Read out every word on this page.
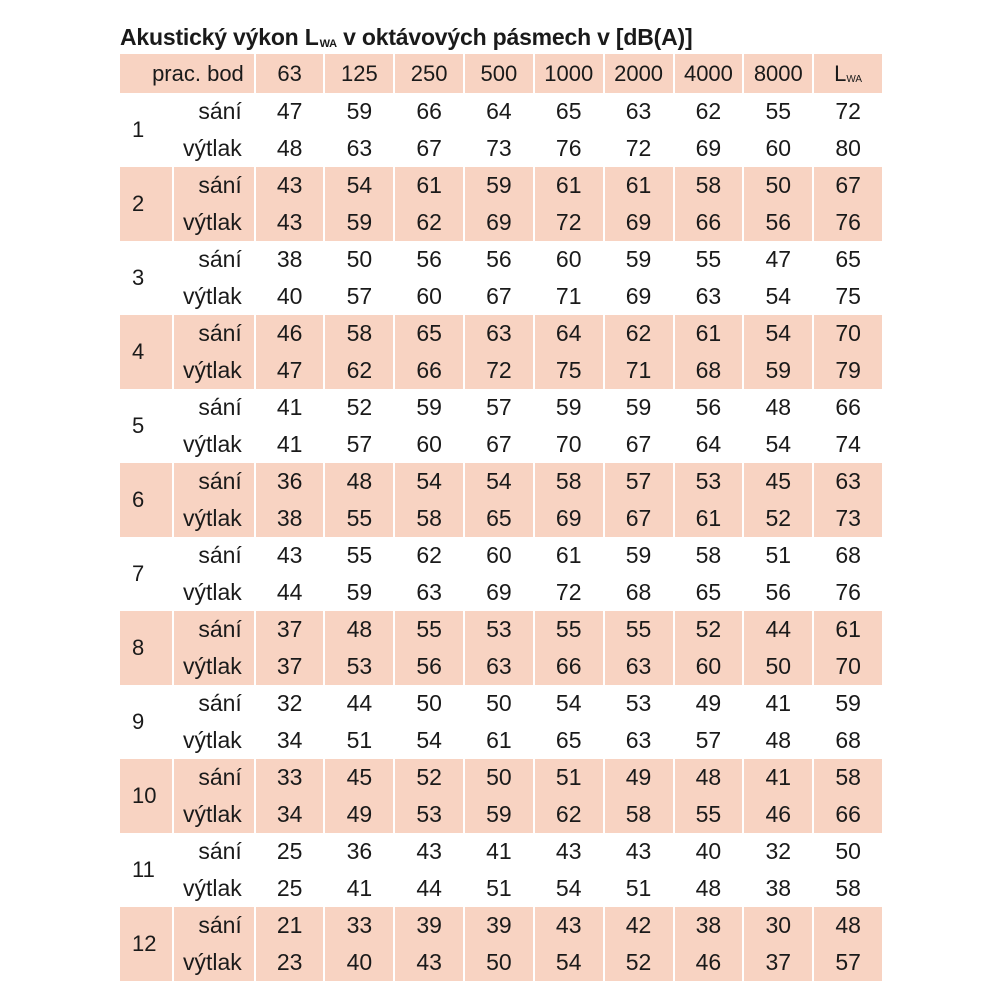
Akustický výkon $L_{WA}$ v oktávových pásmech v [dB(A)]
prac. bod		63	125	250	500	1000	2000	4000	8000	LWA
1	sání	47	59	66	64	65	63	62	55	72
	výtlak	48	63	67	73	76	72	69	60	80
2	sání	43	54	61	59	61	61	58	50	67
	výtlak	43	59	62	69	72	69	66	56	76
3	sání	38	50	56	56	60	59	55	47	65
	výtlak	40	57	60	67	71	69	63	54	75
4	sání	46	58	65	63	64	62	61	54	70
	výtlak	47	62	66	72	75	71	68	59	79
5	sání	41	52	59	57	59	59	56	48	66
	výtlak	41	57	60	67	70	67	64	54	74
6	sání	36	48	54	54	58	57	53	45	63
	výtlak	38	55	58	65	69	67	61	52	73
7	sání	43	55	62	60	61	59	58	51	68
	výtlak	44	59	63	69	72	68	65	56	76
8	sání	37	48	55	53	55	55	52	44	61
	výtlak	37	53	56	63	66	63	60	50	70
9	sání	32	44	50	50	54	53	49	41	59
	výtlak	34	51	54	61	65	63	57	48	68
10	sání	33	45	52	50	51	49	48	41	58
	výtlak	34	49	53	59	62	58	55	46	66
11	sání	25	36	43	41	43	43	40	32	50
	výtlak	25	41	44	51	54	51	48	38	58
12	sání	21	33	39	39	43	42	38	30	48
	výtlak	23	40	43	50	54	52	46	37	57
